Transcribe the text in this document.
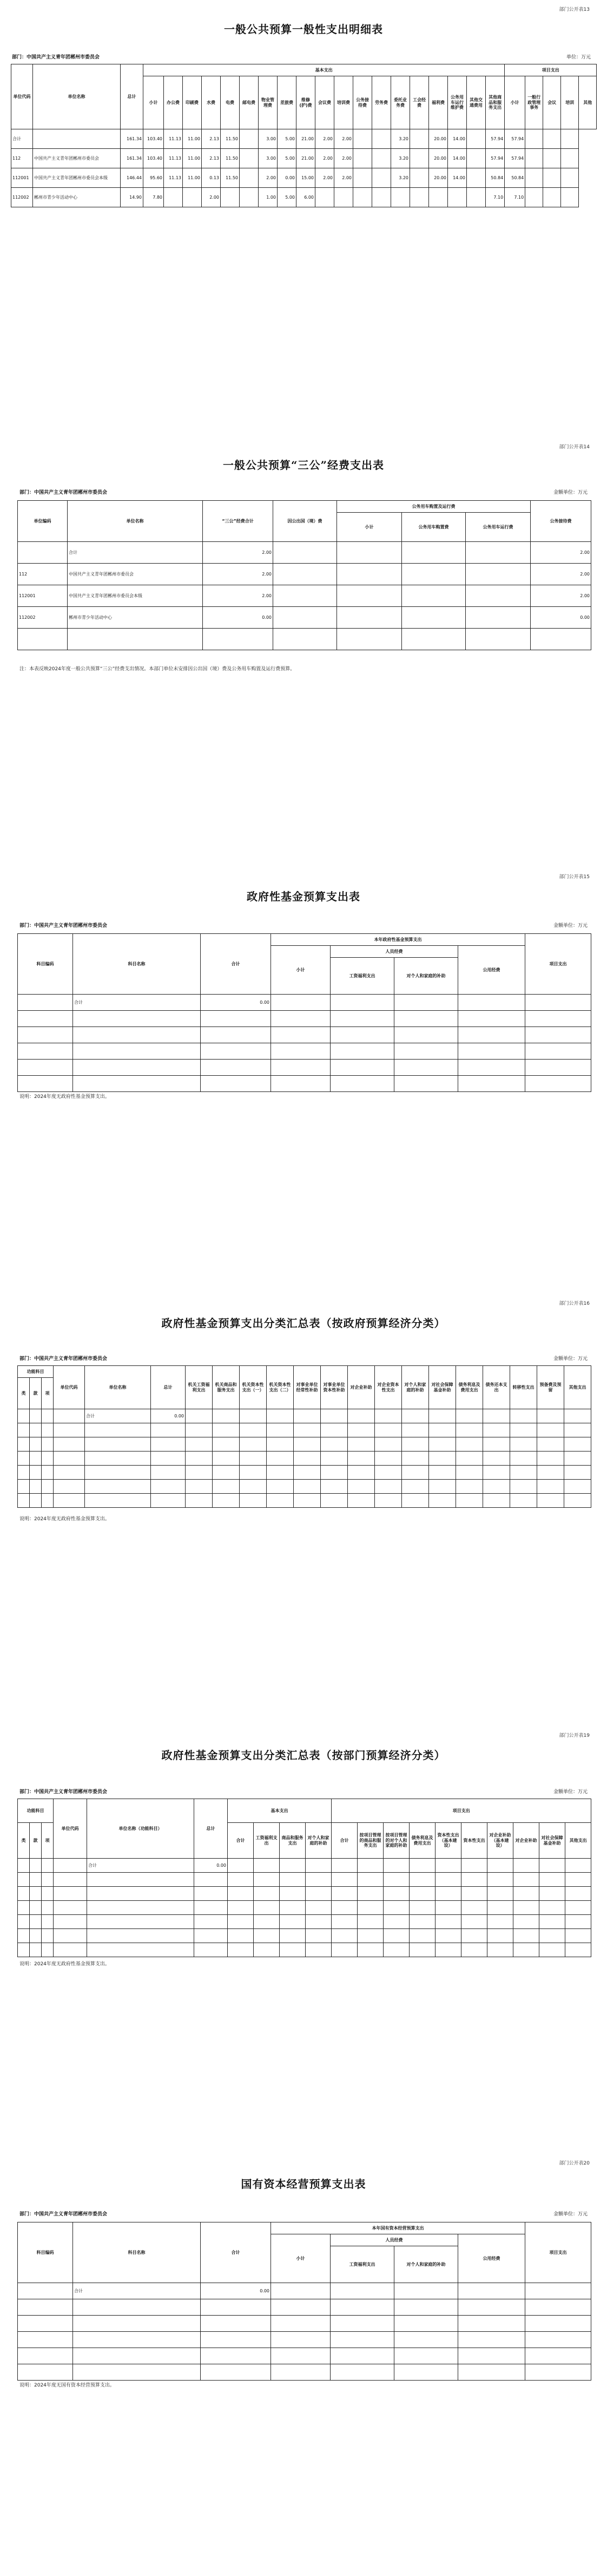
部门公开表13
一般公共预算一般性支出明细表
部门：中国共产主义青年团郴州市委员会	单位：万元
单位代码	单位名称	总计	基本支出																			项目支出				
			小计	办公费	印刷费	水费	电费	邮电费	物业管理费	差旅费	维修(护)费	会议费	培训费	公务接待费	劳务费	委托业务费	工会经费	福利费	公务用车运行维护费	其他交通费用	其他商品和服务支出	小计	一般行政管理事务	会议	培训	其他
合计		161.34	103.40	11.13	11.00	2.13	11.50		3.00	5.00	21.00	2.00	2.00			3.20		20.00	14.00		57.94	57.94				
112	中国共产主义青年团郴州市委员会	161.34	103.40	11.13	11.00	2.13	11.50		3.00	5.00	21.00	2.00	2.00			3.20		20.00	14.00		57.94	57.94				
112001	中国共产主义青年团郴州市委员会本级	146.44	95.60	11.13	11.00	0.13	11.50		2.00	0.00	15.00	2.00	2.00			3.20		20.00	14.00		50.84	50.84				
112002	郴州市青少年活动中心	14.90	7.80			2.00			1.00	5.00	6.00										7.10	7.10				
部门公开表14
一般公共预算“三公”经费支出表
部门：中国共产主义青年团郴州市委员会	金额单位：万元
单位编码	单位名称	“三公”经费合计	因公出国（境）费	公务用车购置及运行费			公务接待费
				小计	公务用车购置费	公务用车运行费	
	合计	2.00					2.00
112	中国共产主义青年团郴州市委员会	2.00					2.00
112001	中国共产主义青年团郴州市委员会本级	2.00					2.00
112002	郴州市青少年活动中心	0.00					0.00

注：本表反映2024年度一般公共预算“三公”经费支出情况。本部门单位未安排因公出国（境）费及公务用车购置及运行费预算。
部门公开表15
政府性基金预算支出表
部门：中国共产主义青年团郴州市委员会	金额单位：万元
科目编码	科目名称	合计	本年政府性基金预算支出				项目支出
			小计	人员经费		公用经费	
				工资福利支出	对个人和家庭的补助		
	合计	0.00					

说明：2024年度无政府性基金预算支出。
部门公开表16
政府性基金预算支出分类汇总表（按政府预算经济分类）
部门：中国共产主义青年团郴州市委员会	金额单位：万元
功能科目			单位代码	单位名称	总计	机关工资福利支出	机关商品和服务支出	机关资本性支出（一）	机关资本性支出（二）	对事业单位经常性补助	对事业单位资本性补助	对企业补助	对企业资本性支出	对个人和家庭的补助	对社会保障基金补助	债务利息及费用支出	债务还本支出	转移性支出	预备费及预留	其他支出
类	款	项																		
				合计	0.00															

说明：2024年度无政府性基金预算支出。
部门公开表19
政府性基金预算支出分类汇总表（按部门预算经济分类）
部门：中国共产主义青年团郴州市委员会	金额单位：万元
功能科目			单位代码	单位名称（功能科目）	总计	基本支出				项目支出									

类	款	项				合计	工资福利支出	商品和服务支出	对个人和家庭的补助	合计	按项目管理的商品和服务支出	按项目管理的对个人和家庭的补助	债务利息及费用支出	资本性支出（基本建设）	资本性支出	对企业补助（基本建设）	对企业补助	对社会保障基金补助	其他支出
				合计	0.00														

说明：2024年度无政府性基金预算支出。
部门公开表20
国有资本经营预算支出表
部门：中国共产主义青年团郴州市委员会	金额单位：万元
科目编码	科目名称	合计	本年国有资本经营预算支出				项目支出
			小计	人员经费		公用经费	
				工资福利支出	对个人和家庭的补助		
	合计	0.00					

说明：2024年度无国有资本经营预算支出。
